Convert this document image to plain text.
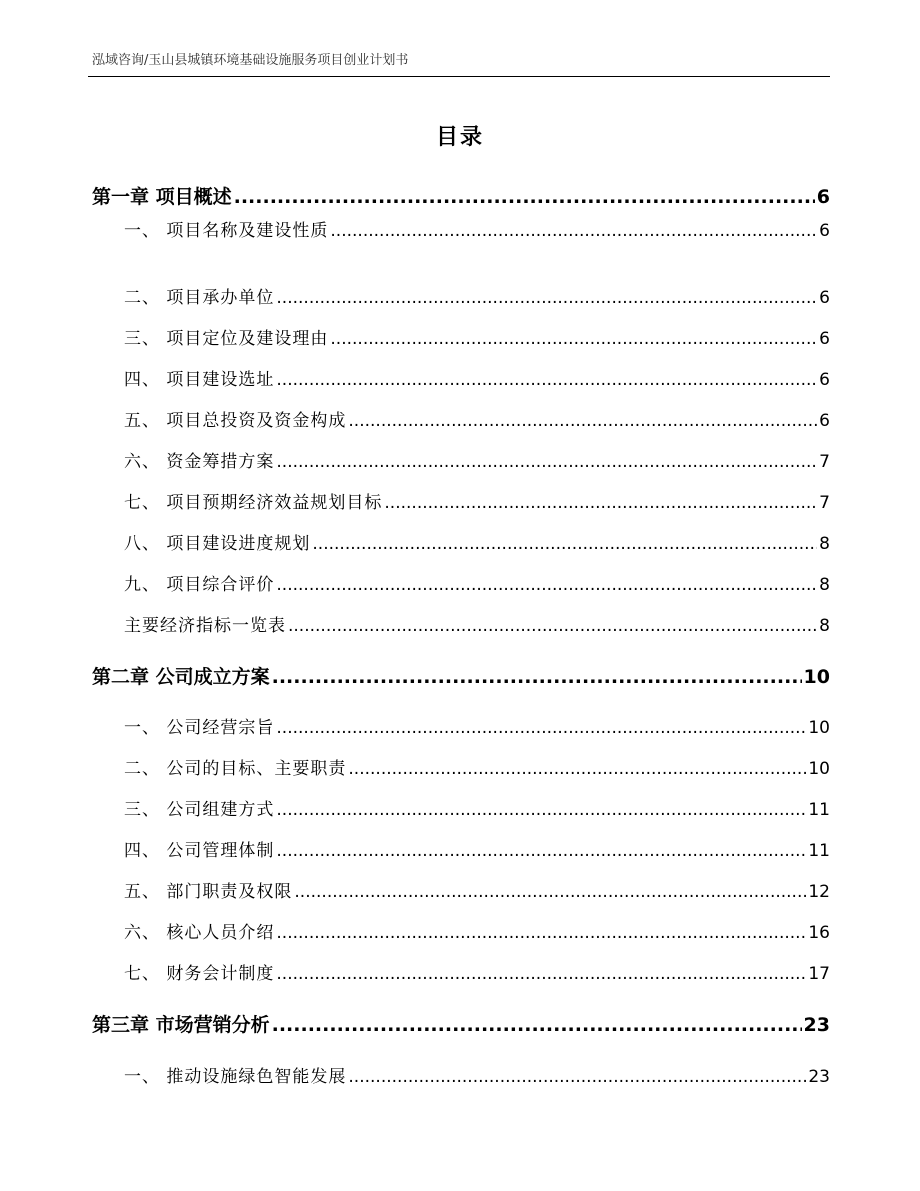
泓域咨询/玉山县城镇环境基础设施服务项目创业计划书
目录
第一章 项目概述 .....	6
一、 项目名称及建设性质 .....	6
二、 项目承办单位 .....	6
三、 项目定位及建设理由 .....	6
四、 项目建设选址 .....	6
五、 项目总投资及资金构成 .....	6
六、 资金筹措方案 .....	7
七、 项目预期经济效益规划目标 .....	7
八、 项目建设进度规划 .....	8
九、 项目综合评价 .....	8
主要经济指标一览表 .....	8
第二章 公司成立方案 .....	10
一、 公司经营宗旨 .....	10
二、 公司的目标、主要职责 .....	10
三、 公司组建方式 .....	11
四、 公司管理体制 .....	11
五、 部门职责及权限 .....	12
六、 核心人员介绍 .....	16
七、 财务会计制度 .....	17
第三章 市场营销分析 .....	23
一、 推动设施绿色智能发展 .....	23
